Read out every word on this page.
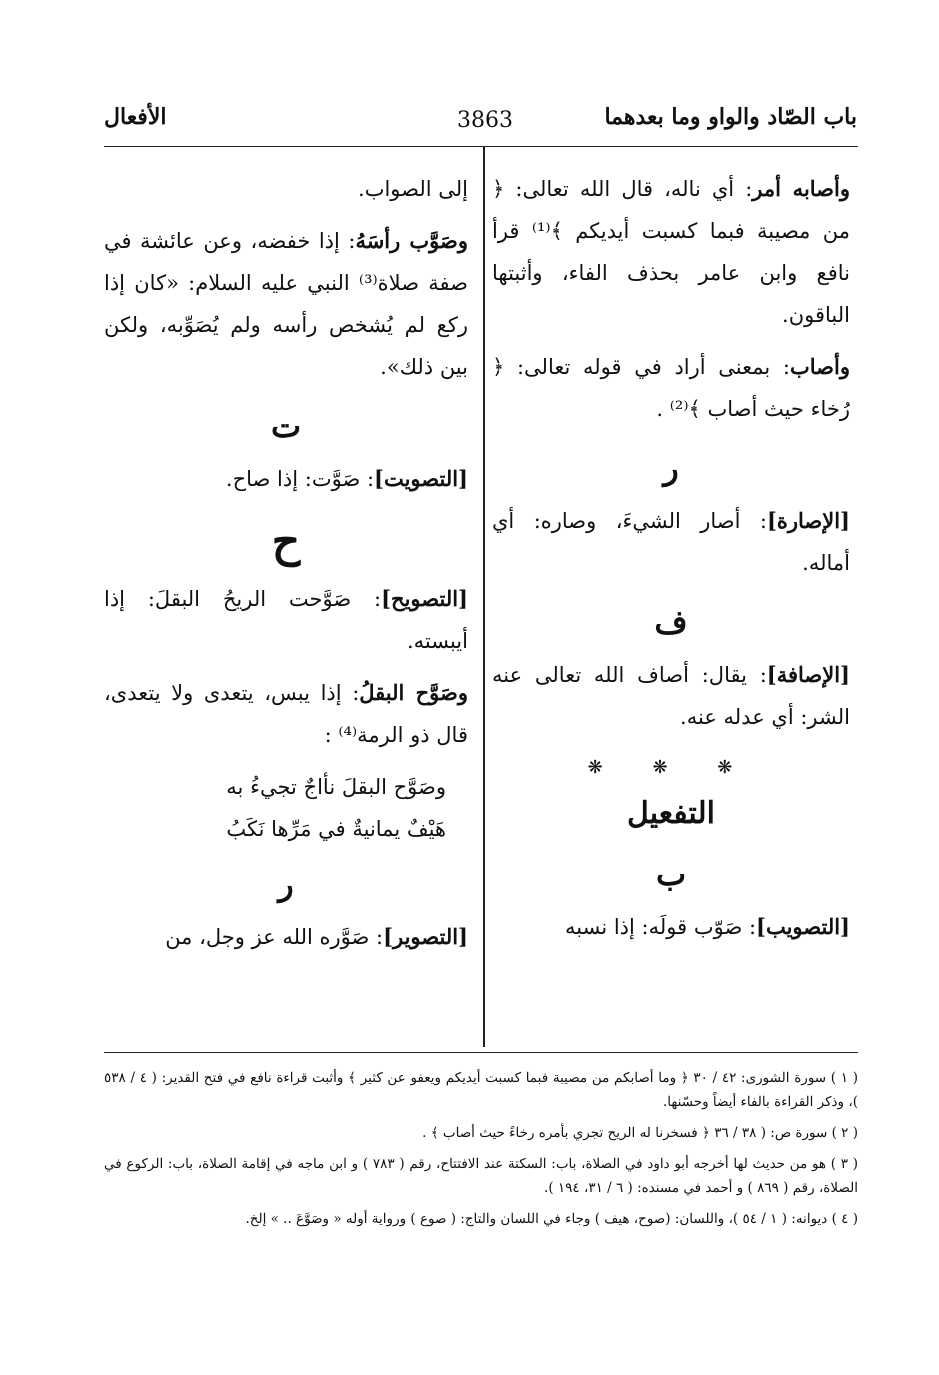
باب الصّاد والواو وما بعدهما
3863
الأفعال

وأصابه أمر: أي ناله، قال الله تعالى: ﴿ من مصيبة فبما كسبت أيديكم ﴾⁽¹⁾ قرأ نافع وابن عامر بحذف الفاء، وأثبتها الباقون.

وأصاب: بمعنى أراد في قوله تعالى: ﴿ رُخاء حيث أصاب ﴾⁽²⁾ .

ر

[الإصارة]: أصار الشيءَ، وصاره: أي أماله.

ف

[الإصافة]: يقال: أصاف الله تعالى عنه الشر: أي عدله عنه.

❋ ❋ ❋
التفعيل
ب

[التصويب]: صَوّب قولَه: إذا نسبه

إلى الصواب.

وصَوَّب رأسَهُ: إذا خفضه، وعن عائشة في صفة صلاة⁽³⁾ النبي عليه السلام: «كان إذا ركع لم يُشخص رأسه ولم يُصَوِّبه، ولكن بين ذلك».

ت

[التصويت]: صَوَّت: إذا صاح.

ح

[التصويح]: صَوَّحت الريحُ البقلَ: إذا أيبسته.

وصَوَّح البقلُ: إذا يبس، يتعدى ولا يتعدى، قال ذو الرمة⁽⁴⁾ :

وصَوَّح البقلَ نأاجٌ تجيءُ به
هَيْفٌ يمانيةٌ في مَرِّها نَكَبُ
ر

[التصوير]: صَوَّره الله عز وجل، من

( ١ ) سورة الشورى: ٤٢ / ٣٠ ﴿ وما أصابكم من مصيبة فبما كسبت أيديكم ويعفو عن كثير ﴾ وأثبت قراءة نافع في فتح القدير: ( ٤ / ٥٣٨ )، وذكر القراءة بالفاء أيضاً وحسّنها.

( ٢ ) سورة ص: ( ٣٨ / ٣٦ ﴿ فسخرنا له الريح تجري بأمره رخاءً حيث أصاب ﴾ .

( ٣ ) هو من حديث لها أخرجه أبو داود في الصلاة، باب: السكتة عند الافتتاح، رقم ( ٧٨٣ ) و ابن ماجه في إقامة الصلاة، باب: الركوع في الصلاة، رقم ( ٨٦٩ ) و أحمد في مسنده: ( ٦ / ٣١، ١٩٤ ).

( ٤ ) ديوانه: ( ١ / ٥٤ )، واللسان: (صوح، هيف ) وجاء في اللسان والتاج: ( صوع ) ورواية أوله « وصَوَّعَ .. » إلخ.
